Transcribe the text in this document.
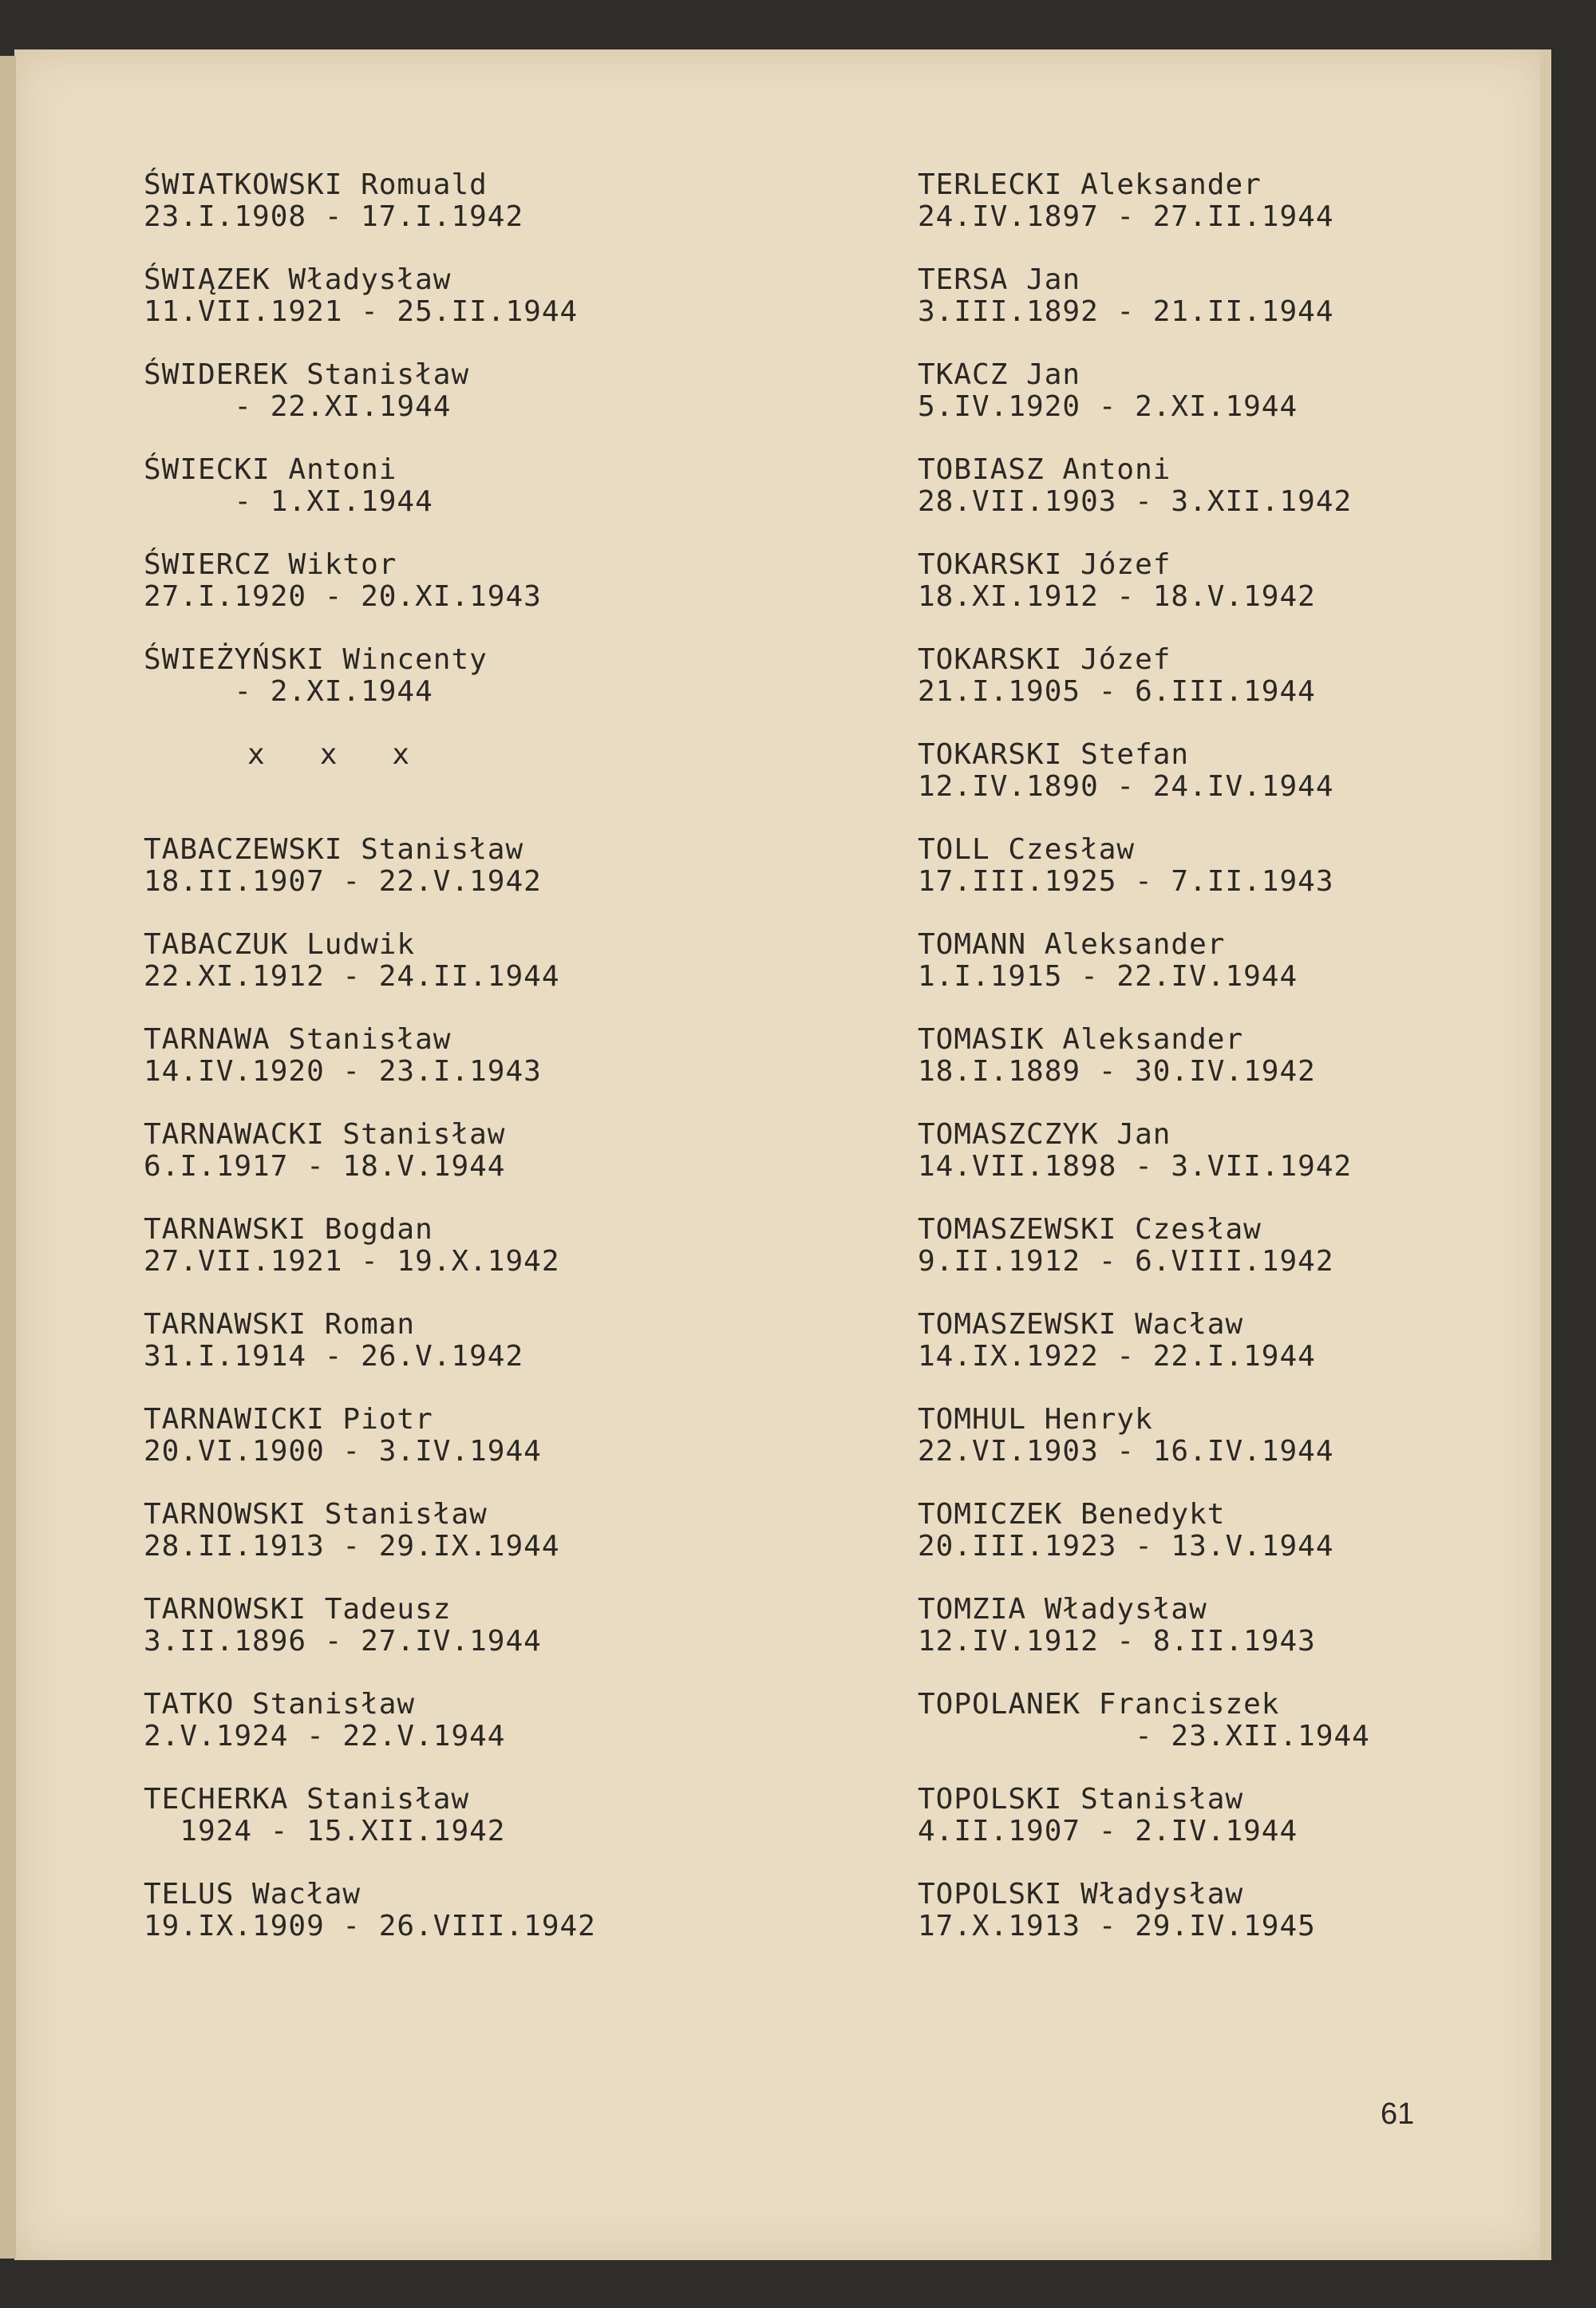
ŚWIATKOWSKI Romuald
23.I.1908 - 17.I.1942
ŚWIĄZEK Władysław
11.VII.1921 - 25.II.1944
ŚWIDEREK Stanisław
- 22.XI.1944
ŚWIECKI Antoni
- 1.XI.1944
ŚWIERCZ Wiktor
27.I.1920 - 20.XI.1943
ŚWIEŻYŃSKI Wincenty
- 2.XI.1944
x   x   x
TABACZEWSKI Stanisław
18.II.1907 - 22.V.1942
TABACZUK Ludwik
22.XI.1912 - 24.II.1944
TARNAWA Stanisław
14.IV.1920 - 23.I.1943
TARNAWACKI Stanisław
6.I.1917 - 18.V.1944
TARNAWSKI Bogdan
27.VII.1921 - 19.X.1942
TARNAWSKI Roman
31.I.1914 - 26.V.1942
TARNAWICKI Piotr
20.VI.1900 - 3.IV.1944
TARNOWSKI Stanisław
28.II.1913 - 29.IX.1944
TARNOWSKI Tadeusz
3.II.1896 - 27.IV.1944
TATKO Stanisław
2.V.1924 - 22.V.1944
TECHERKA Stanisław
1924 - 15.XII.1942
TELUS Wacław
19.IX.1909 - 26.VIII.1942
TERLECKI Aleksander
24.IV.1897 - 27.II.1944
TERSA Jan
3.III.1892 - 21.II.1944
TKACZ Jan
5.IV.1920 - 2.XI.1944
TOBIASZ Antoni
28.VII.1903 - 3.XII.1942
TOKARSKI Józef
18.XI.1912 - 18.V.1942
TOKARSKI Józef
21.I.1905 - 6.III.1944
TOKARSKI Stefan
12.IV.1890 - 24.IV.1944
TOLL Czesław
17.III.1925 - 7.II.1943
TOMANN Aleksander
1.I.1915 - 22.IV.1944
TOMASIK Aleksander
18.I.1889 - 30.IV.1942
TOMASZCZYK Jan
14.VII.1898 - 3.VII.1942
TOMASZEWSKI Czesław
9.II.1912 - 6.VIII.1942
TOMASZEWSKI Wacław
14.IX.1922 - 22.I.1944
TOMHUL Henryk
22.VI.1903 - 16.IV.1944
TOMICZEK Benedykt
20.III.1923 - 13.V.1944
TOMZIA Władysław
12.IV.1912 - 8.II.1943
TOPOLANEK Franciszek
- 23.XII.1944
TOPOLSKI Stanisław
4.II.1907 - 2.IV.1944
TOPOLSKI Władysław
17.X.1913 - 29.IV.1945
61
